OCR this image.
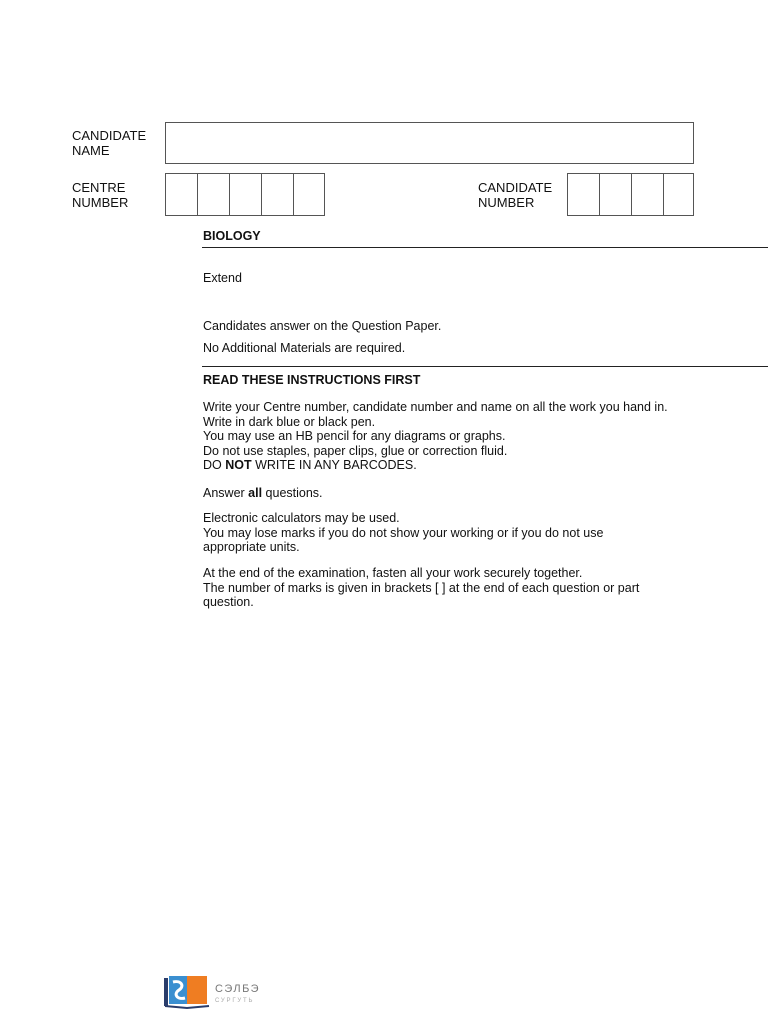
CANDIDATE
NAME
CENTRE
NUMBER
CANDIDATE
NUMBER
BIOLOGY
Extend
Candidates answer on the Question Paper.
No Additional Materials are required.
READ THESE INSTRUCTIONS FIRST
Write your Centre number, candidate number and name on all the work you hand in.
Write in dark blue or black pen.
You may use an HB pencil for any diagrams or graphs.
Do not use staples, paper clips, glue or correction fluid.
DO NOT WRITE IN ANY BARCODES.
Answer all questions.
Electronic calculators may be used.
You may lose marks if you do not show your working or if you do not use
appropriate units.
At the end of the examination, fasten all your work securely together.
The number of marks is given in brackets [ ] at the end of each question or part
question.
СЭЛБЭ
СУРГУТЬ
